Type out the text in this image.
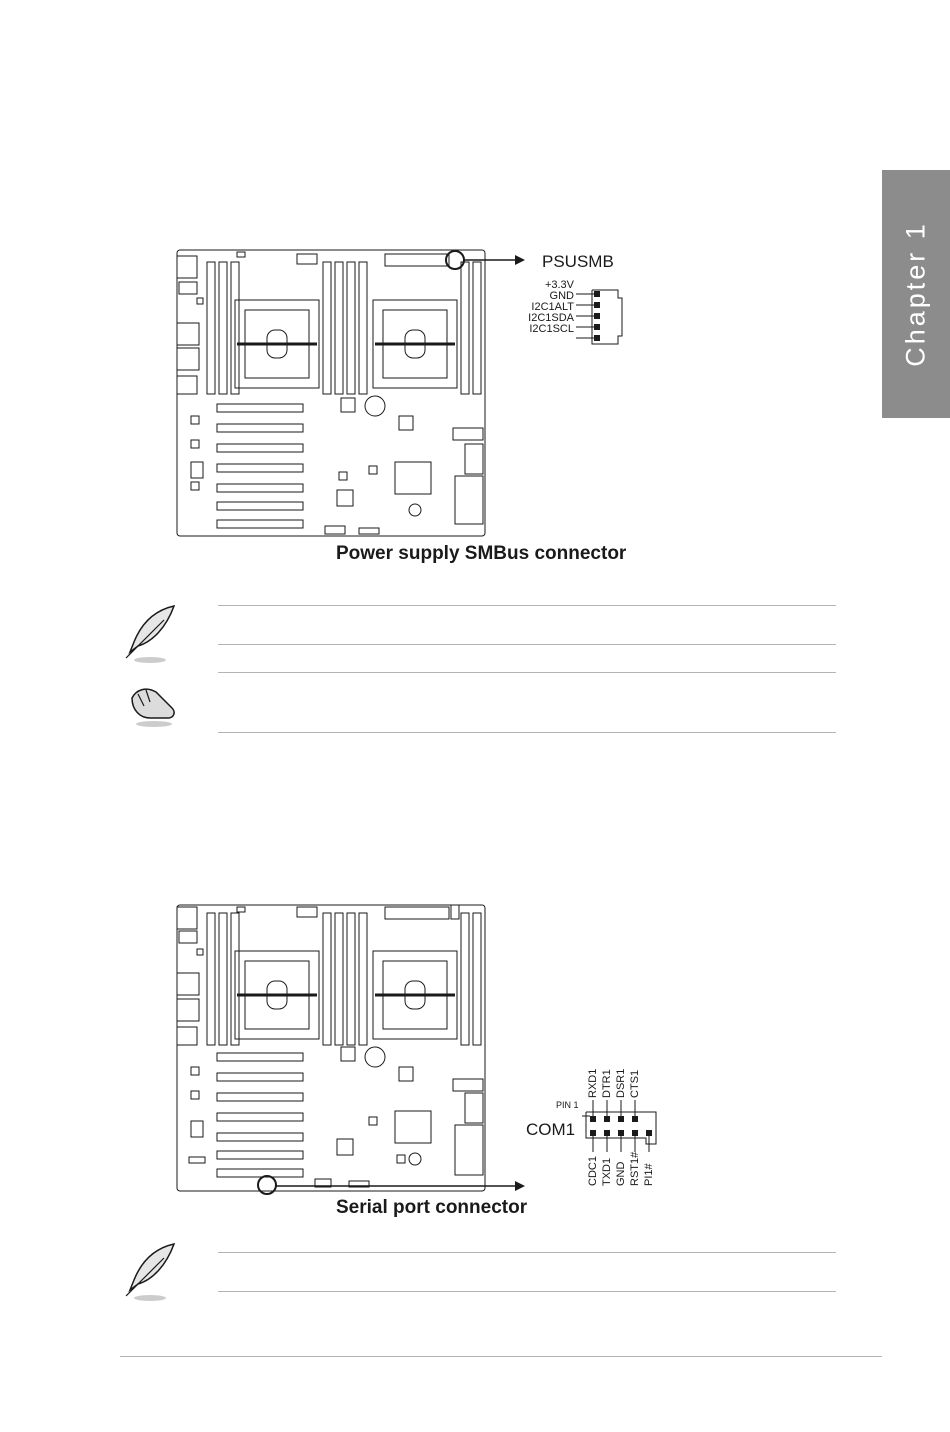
Chapter 1
PSUSMB
+3.3V
GND
I2C1ALT
I2C1SDA
I2C1SCL
Power supply SMBus connector
COM1
PIN 1
RXD1 DTR1 DSR1 CTS1
CDC1 TXD1 GND RST1# PI1#
Serial port connector
